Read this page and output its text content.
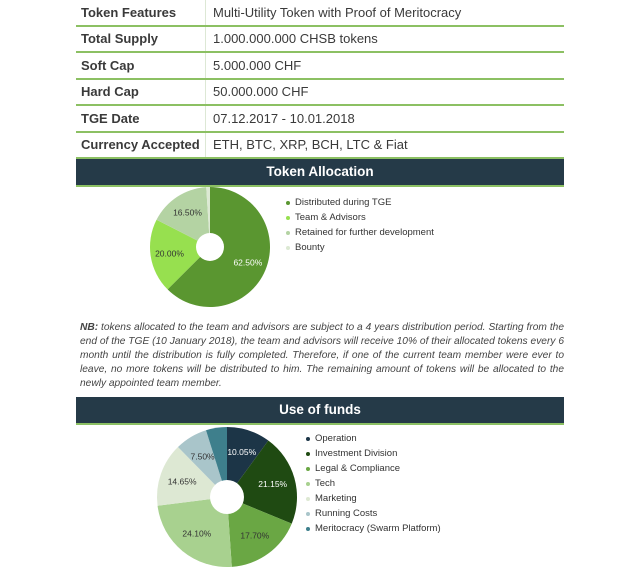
Token Features	Multi-Utility Token with Proof of Meritocracy
Total Supply	1.000.000.000 CHSB tokens
Soft Cap	5.000.000 CHF
Hard Cap	50.000.000 CHF
TGE Date	07.12.2017 - 10.01.2018
Currency Accepted	ETH, BTC, XRP, BCH, LTC & Fiat
Token Allocation
62.50%
20.00%
16.50%
Distributed during TGE
Team & Advisors
Retained for further development
Bounty
NB: tokens allocated to the team and advisors are subject to a 4 years distribution period. Starting from the end of the TGE (10 January 2018), the team and advisors will receive 10% of their allocated tokens every 6 month until the distribution is fully completed. Therefore, if one of the current team member were ever to leave, no more tokens will be distributed to him. The remaining amount of tokens will be allocated to the newly appointed team member.
Use of funds
10.05%
21.15%
17.70%
24.10%
14.65%
7.50%
Operation
Investment Division
Legal & Compliance
Tech
Marketing
Running Costs
Meritocracy (Swarm Platform)
